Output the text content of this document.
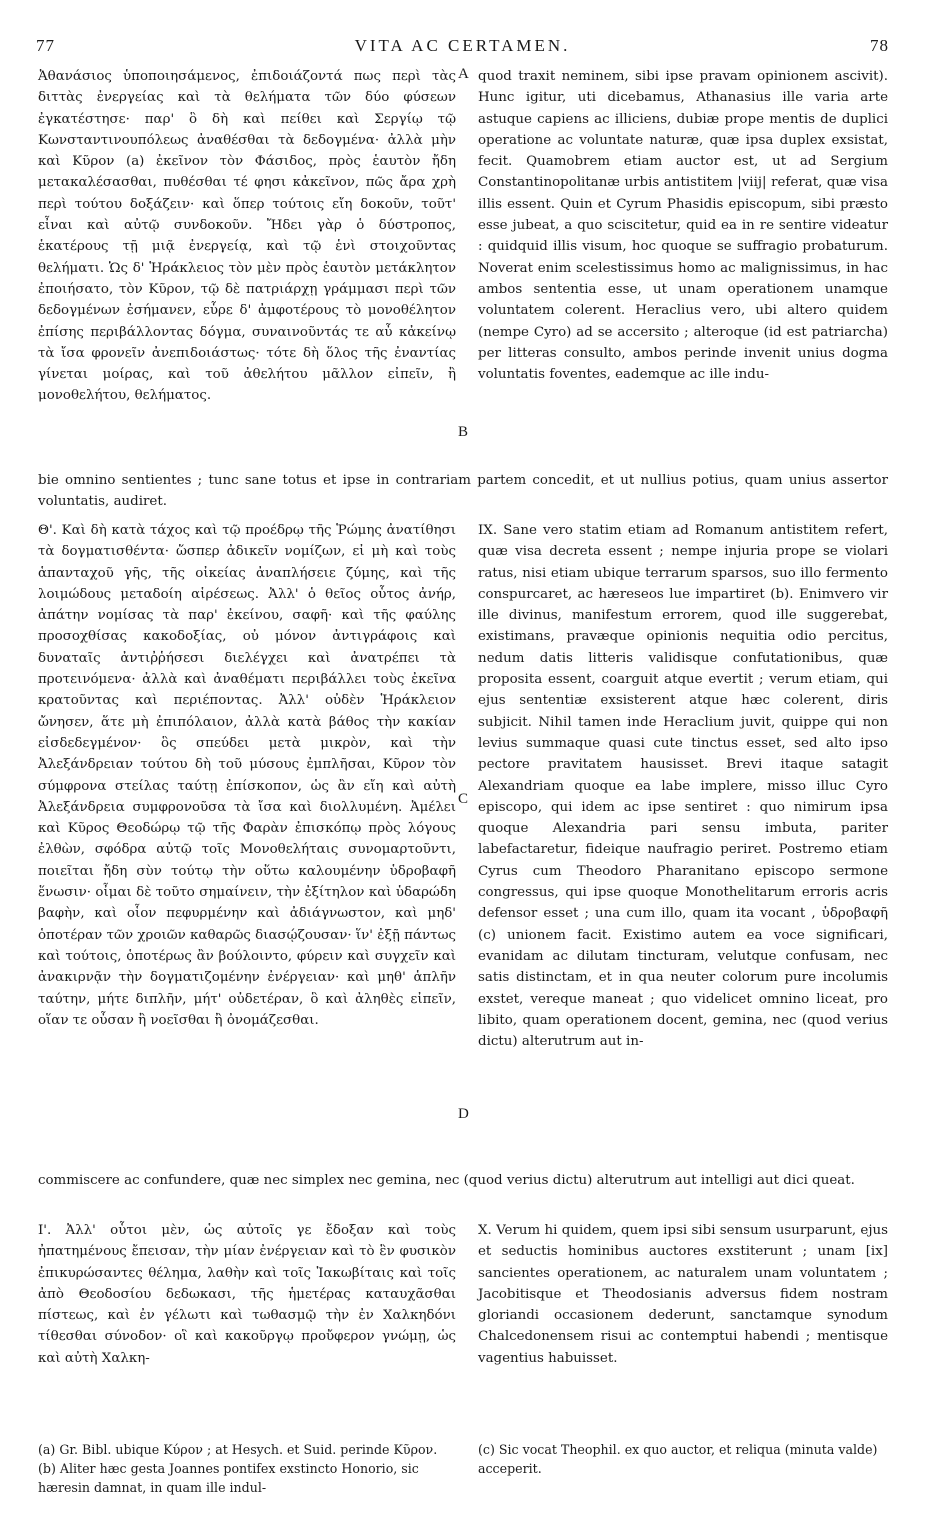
77	VITA AC CERTAMEN.	78
A
B
C
D

Ἀθανάσιος ὑποποιησάμενος, ἐπιδοιάζοντά πως περὶ τὰς διττὰς ἐνεργείας καὶ τὰ θελήματα τῶν δύο φύσεων ἐγκατέστησε· παρ' ὃ δὴ καὶ πείθει καὶ Σεργίῳ τῷ Κωνσταντινουπόλεως ἀναθέσθαι τὰ δεδογμένα· ἀλλὰ μὴν καὶ Κῦρον (a) ἐκεῖνον τὸν Φάσιδος, πρὸς ἑαυτὸν ἤδη μετακαλέσασθαι, πυθέσθαι τέ φησι κἀκεῖνον, πῶς ἄρα χρὴ περὶ τούτου δοξάζειν· καὶ ὅπερ τούτοις εἴη δοκοῦν, τοῦτ' εἶναι καὶ αὐτῷ συνδοκοῦν. Ἤδει γὰρ ὁ δύστροπος, ἑκατέρους τῇ μιᾷ ἐνεργείᾳ, καὶ τῷ ἑνὶ στοιχοῦντας θελήματι. Ὡς δ' Ἡράκλειος τὸν μὲν πρὸς ἑαυτὸν μετάκλητον ἐποιήσατο, τὸν Κῦρον, τῷ δὲ πατριάρχῃ γράμμασι περὶ τῶν δεδογμένων ἐσήμανεν, εὗρε δ' ἀμφοτέρους τὸ μονοθέλητον ἐπίσης περιβάλλοντας δόγμα, συναινοῦντάς τε αὖ κἀκείνῳ τὰ ἴσα φρονεῖν ἀνεπιδοιάστως· τότε δὴ ὅλος τῆς ἐναντίας γίνεται μοίρας, καὶ τοῦ ἀθελήτου μᾶλλον εἰπεῖν, ἢ μονοθελήτου, θελήματος.

quod traxit neminem, sibi ipse pravam opinionem ascivit). Hunc igitur, uti dicebamus, Athanasius ille varia arte astuque capiens ac illiciens, dubiæ prope mentis de duplici operatione ac voluntate naturæ, quæ ipsa duplex exsistat, fecit. Quamobrem etiam auctor est, ut ad Sergium Constantinopolitanæ urbis antistitem |viij| referat, quæ visa illis essent. Quin et Cyrum Phasidis episcopum, sibi præsto esse jubeat, a quo sciscitetur, quid ea in re sentire videatur : quidquid illis visum, hoc quoque se suffragio probaturum. Noverat enim scelestissimus homo ac malignissimus, in hac ambos sententia esse, ut unam operationem unamque voluntatem colerent. Heraclius vero, ubi altero quidem (nempe Cyro) ad se accersito ; alteroque (id est patriarcha) per litteras consulto, ambos perinde invenit unius dogma voluntatis foventes, eademque ac ille indu-

bie omnino sentientes ; tunc sane totus et ipse in contrariam partem concedit, et ut nullius potius, quam unius assertor voluntatis, audiret.

Θ'. Καὶ δὴ κατὰ τάχος καὶ τῷ προέδρῳ τῆς Ῥώμης ἀνατίθησι τὰ δογματισθέντα· ὥσπερ ἀδικεῖν νομίζων, εἰ μὴ καὶ τοὺς ἁπανταχοῦ γῆς, τῆς οἰκείας ἀναπλήσειε ζύμης, καὶ τῆς λοιμώδους μεταδοίη αἱρέσεως. Ἀλλ' ὁ θεῖος οὗτος ἀνήρ, ἀπάτην νομίσας τὰ παρ' ἐκείνου, σαφῆ· καὶ τῆς φαύλης προσοχθίσας κακοδοξίας, οὐ μόνον ἀντιγράφοις καὶ δυναταῖς ἀντιῤῥήσεσι διελέγχει καὶ ἀνατρέπει τὰ προτεινόμενα· ἀλλὰ καὶ ἀναθέματι περιβάλλει τοὺς ἐκεῖνα κρατοῦντας καὶ περιέποντας. Ἀλλ' οὐδὲν Ἡράκλειον ὤνησεν, ἅτε μὴ ἐπιπόλαιον, ἀλλὰ κατὰ βάθος τὴν κακίαν εἰσδεδεγμένον· ὃς σπεύδει μετὰ μικρὸν, καὶ τὴν Ἀλεξάνδρειαν τούτου δὴ τοῦ μύσους ἐμπλῆσαι, Κῦρον τὸν σύμφρονα στείλας ταύτῃ ἐπίσκοπον, ὡς ἂν εἴη καὶ αὐτὴ Ἀλεξάνδρεια συμφρονοῦσα τὰ ἴσα καὶ διολλυμένη. Ἀμέλει καὶ Κῦρος Θεοδώρῳ τῷ τῆς Φαρὰν ἐπισκόπῳ πρὸς λόγους ἐλθὼν, σφόδρα αὐτῷ τοῖς Μονοθελήταις συνομαρτοῦντι, ποιεῖται ἤδη σὺν τούτῳ τὴν οὕτω καλουμένην ὑδροβαφῆ ἕνωσιν· οἶμαι δὲ τοῦτο σημαίνειν, τὴν ἐξίτηλον καὶ ὑδαρώδη βαφὴν, καὶ οἷον πεφυρμένην καὶ ἀδιάγνωστον, καὶ μηδ' ὁποτέραν τῶν χροιῶν καθαρῶς διασῴζουσαν· ἵν' ἐξῇ πάντως καὶ τούτοις, ὁποτέρως ἂν βούλοιντο, φύρειν καὶ συγχεῖν καὶ ἀνακιρνᾷν τὴν δογματιζομένην ἐνέργειαν· καὶ μηθ' ἁπλῆν ταύτην, μήτε διπλῆν, μήτ' οὐδετέραν, ὃ καὶ ἀληθὲς εἰπεῖν, οἵαν τε οὖσαν ἢ νοεῖσθαι ἢ ὀνομάζεσθαι.

IX. Sane vero statim etiam ad Romanum antistitem refert, quæ visa decreta essent ; nempe injuria prope se violari ratus, nisi etiam ubique terrarum sparsos, suo illo fermento conspurcaret, ac hæreseos lue impartiret (b). Enimvero vir ille divinus, manifestum errorem, quod ille suggerebat, existimans, pravæque opinionis nequitia odio percitus, nedum datis litteris validisque confutationibus, quæ proposita essent, coarguit atque evertit ; verum etiam, qui ejus sententiæ exsisterent atque hæc colerent, diris subjicit. Nihil tamen inde Heraclium juvit, quippe qui non levius summaque quasi cute tinctus esset, sed alto ipso pectore pravitatem hausisset. Brevi itaque satagit Alexandriam quoque ea labe implere, misso illuc Cyro episcopo, qui idem ac ipse sentiret : quo nimirum ipsa quoque Alexandria pari sensu imbuta, pariter labefactaretur, fideique naufragio periret. Postremo etiam Cyrus cum Theodoro Pharanitano episcopo sermone congressus, qui ipse quoque Monothelitarum erroris acris defensor esset ; una cum illo, quam ita vocant , ὑδροβαφῆ (c) unionem facit. Existimo autem ea voce significari, evanidam ac dilutam tincturam, velutque confusam, nec satis distinctam, et in qua neuter colorum pure incolumis exstet, vereque maneat ; quo videlicet omnino liceat, pro libito, quam operationem docent, gemina, nec (quod verius dictu) alterutrum aut in-

commiscere ac confundere, quæ nec simplex nec gemina, nec (quod verius dictu) alterutrum aut intelligi aut dici queat.

Ι'. Ἀλλ' οὗτοι μὲν, ὡς αὐτοῖς γε ἔδοξαν καὶ τοὺς ἠπατημένους ἔπεισαν, τὴν μίαν ἐνέργειαν καὶ τὸ ἓν φυσικὸν ἐπικυρώσαντες θέλημα, λαθὴν καὶ τοῖς Ἰακωβίταις καὶ τοῖς ἀπὸ Θεοδοσίου δεδωκασι, τῆς ἡμετέρας καταυχᾶσθαι πίστεως, καὶ ἐν γέλωτι καὶ τωθασμῷ τὴν ἐν Χαλκηδόνι τίθεσθαι σύνοδον· οἳ καὶ κακοῦργῳ προὔφερον γνώμῃ, ὡς καὶ αὐτὴ Χαλκη-

X. Verum hi quidem, quem ipsi sibi sensum usurparunt, ejus et seductis hominibus auctores exstiterunt ; unam [ix] sancientes operationem, ac naturalem unam voluntatem ; Jacobitisque et Theodosianis adversus fidem nostram gloriandi occasionem dederunt, sanctamque synodum Chalcedonensem risui ac contemptui habendi ; mentisque vagentius habuisset.

(a) Gr. Bibl. ubique Κύρον ; at Hesych. et Suid. perinde Κῦρον.

(b) Aliter hæc gesta Joannes pontifex exstincto Honorio, sic hæresin damnat, in quam ille indul-

(c) Sic vocat Theophil. ex quo auctor, et reliqua (minuta valde) acceperit.
